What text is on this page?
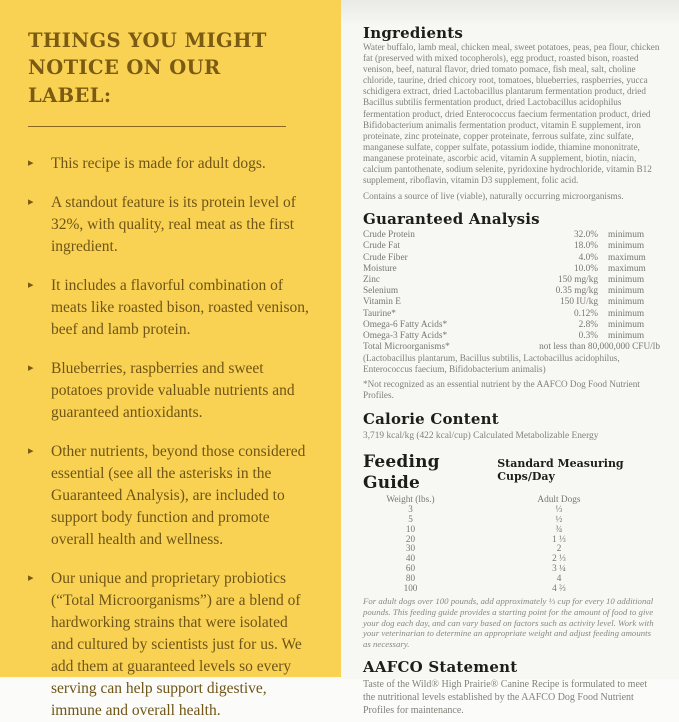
THINGS YOU MIGHT NOTICE ON OUR LABEL:
▸ This recipe is made for adult dogs.
▸ A standout feature is its protein level of 32%, with quality, real meat as the first ingredient.
▸ It includes a flavorful combination of meats like roasted bison, roasted venison, beef and lamb protein.
▸ Blueberries, raspberries and sweet potatoes provide valuable nutrients and guaranteed antioxidants.
▸ Other nutrients, beyond those considered essential (see all the asterisks in the Guaranteed Analysis), are included to support body function and promote overall health and wellness.
▸ Our unique and proprietary probiotics (“Total Microorganisms”) are a blend of hardworking strains that were isolated and cultured by scientists just for us. We add them at guaranteed levels so every serving can help support digestive, immune and overall health.
Ingredients
Water buffalo, lamb meal, chicken meal, sweet potatoes, peas, pea flour, chicken fat (preserved with mixed tocopherols), egg product, roasted bison, roasted venison, beef, natural flavor, dried tomato pomace, fish meal, salt, choline chloride, taurine, dried chicory root, tomatoes, blueberries, raspberries, yucca schidigera extract, dried Lactobacillus plantarum fermentation product, dried Bacillus subtilis fermentation product, dried Lactobacillus acidophilus fermentation product, dried Enterococcus faecium fermentation product, dried Bifidobacterium animalis fermentation product, vitamin E supplement, iron proteinate, zinc proteinate, copper proteinate, ferrous sulfate, zinc sulfate, manganese sulfate, copper sulfate, potassium iodide, thiamine mononitrate, manganese proteinate, ascorbic acid, vitamin A supplement, biotin, niacin, calcium pantothenate, sodium selenite, pyridoxine hydrochloride, vitamin B12 supplement, riboflavin, vitamin D3 supplement, folic acid.
Contains a source of live (viable), naturally occurring microorganisms.
Guaranteed Analysis
Crude Protein	32.0% minimum
Crude Fat	18.0% minimum
Crude Fiber	4.0% maximum
Moisture	10.0% maximum
Zinc	150 mg/kg minimum
Selenium	0.35 mg/kg minimum
Vitamin E	150 IU/kg minimum
Taurine*	0.12% minimum
Omega-6 Fatty Acids*	2.8% minimum
Omega-3 Fatty Acids*	0.3% minimum
Total Microorganisms*	not less than 80,000,000 CFU/lb
(Lactobacillus plantarum, Bacillus subtilis, Lactobacillus acidophilus, Enterococcus faecium, Bifidobacterium animalis)
*Not recognized as an essential nutrient by the AAFCO Dog Food Nutrient Profiles.
Calorie Content
3,719 kcal/kg (422 kcal/cup) Calculated Metabolizable Energy
Feeding Guide
Standard Measuring Cups/Day
Weight (lbs.)	Adult Dogs
3	⅓
5	½
10	¾
20	1 ⅓
30	2
40	2 ⅓
60	3 ¼
80	4
100	4 ⅔
For adult dogs over 100 pounds, add approximately ⅓ cup for every 10 additional pounds. This feeding guide provides a starting point for the amount of food to give your dog each day, and can vary based on factors such as activity level. Work with your veterinarian to determine an appropriate weight and adjust feeding amounts as necessary.
AAFCO Statement
Taste of the Wild® High Prairie® Canine Recipe is formulated to meet the nutritional levels established by the AAFCO Dog Food Nutrient Profiles for maintenance.
